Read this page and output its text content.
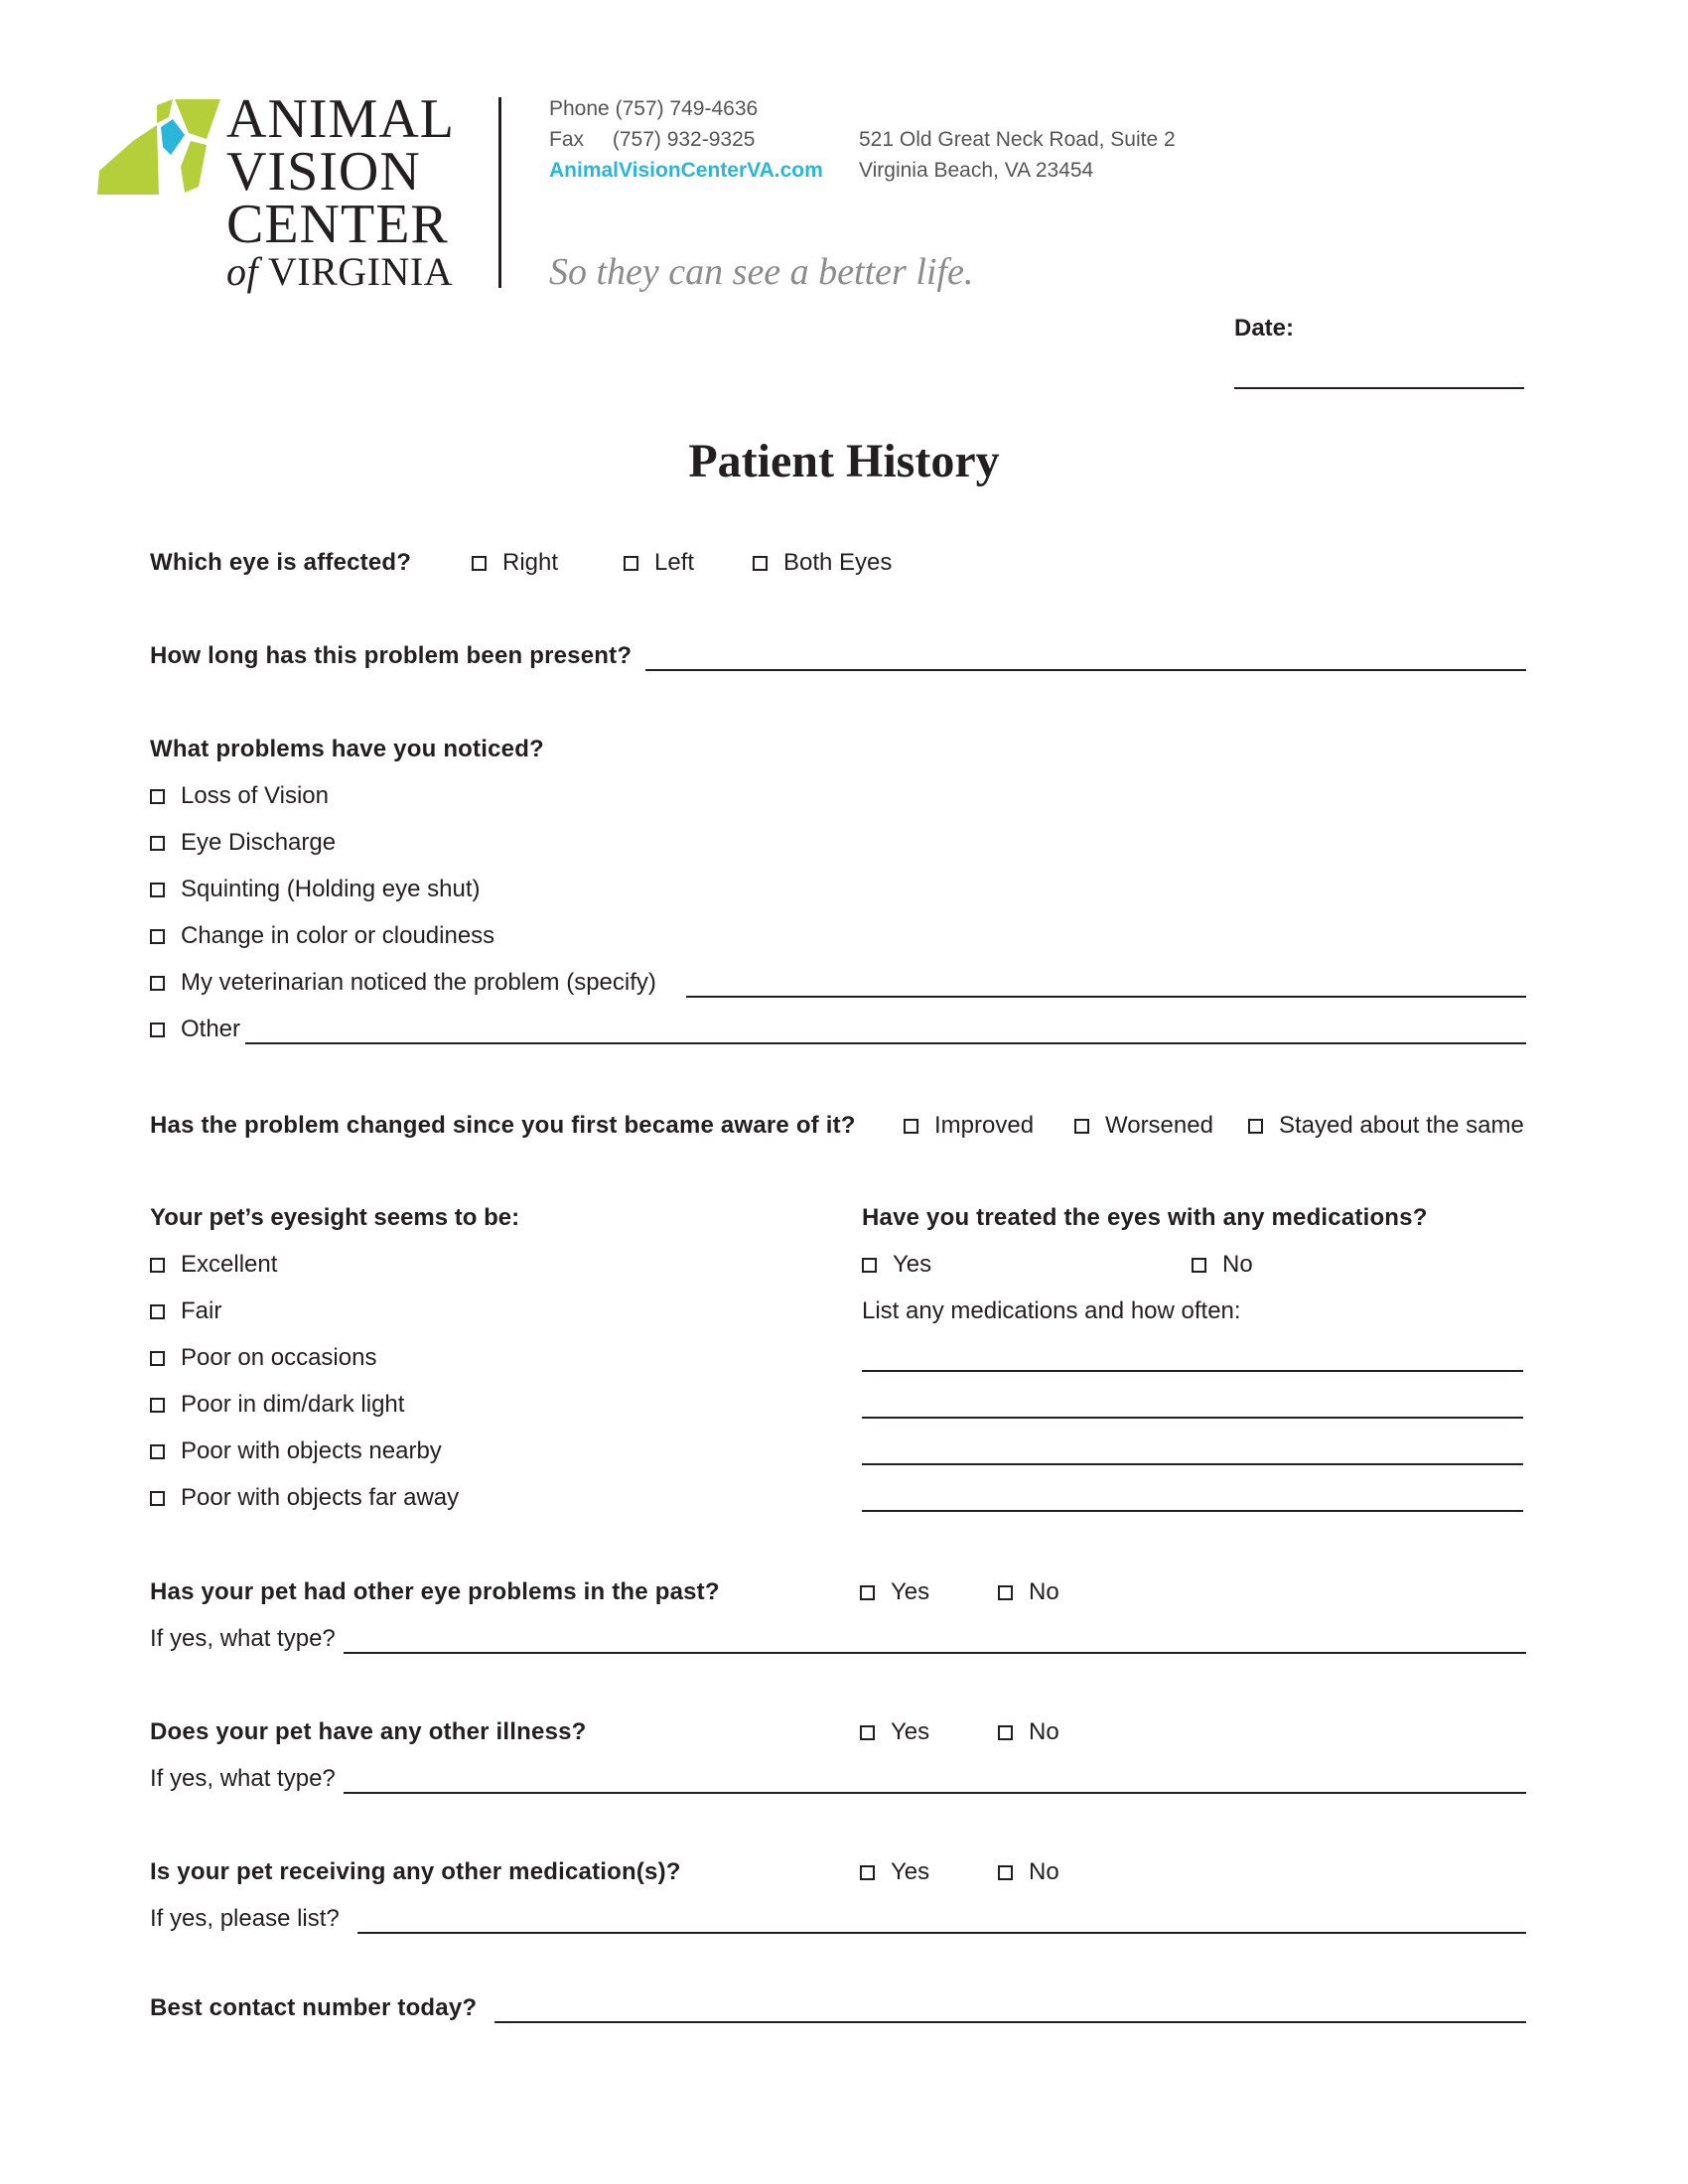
ANIMAL
VISION
CENTER
of VIRGINIA
Phone (757) 749-4636
Fax (757) 932-9325
AnimalVisionCenterVA.com
521 Old Great Neck Road, Suite 2
Virginia Beach, VA 23454
So they can see a better life.
Date:
Patient History
Which eye is affected?	Right	Left	Both Eyes
How long has this problem been present?
What problems have you noticed?
Loss of Vision
Eye Discharge
Squinting (Holding eye shut)
Change in color or cloudiness
My veterinarian noticed the problem (specify)
Other
Has the problem changed since you first became aware of it?	Improved	Worsened	Stayed about the same
Your pet’s eyesight seems to be:
Excellent
Fair
Poor on occasions
Poor in dim/dark light
Poor with objects nearby
Poor with objects far away
Have you treated the eyes with any medications?
Yes	No
List any medications and how often:
Has your pet had other eye problems in the past?	Yes	No
If yes, what type?
Does your pet have any other illness?	Yes	No
If yes, what type?
Is your pet receiving any other medication(s)?	Yes	No
If yes, please list?
Best contact number today?
